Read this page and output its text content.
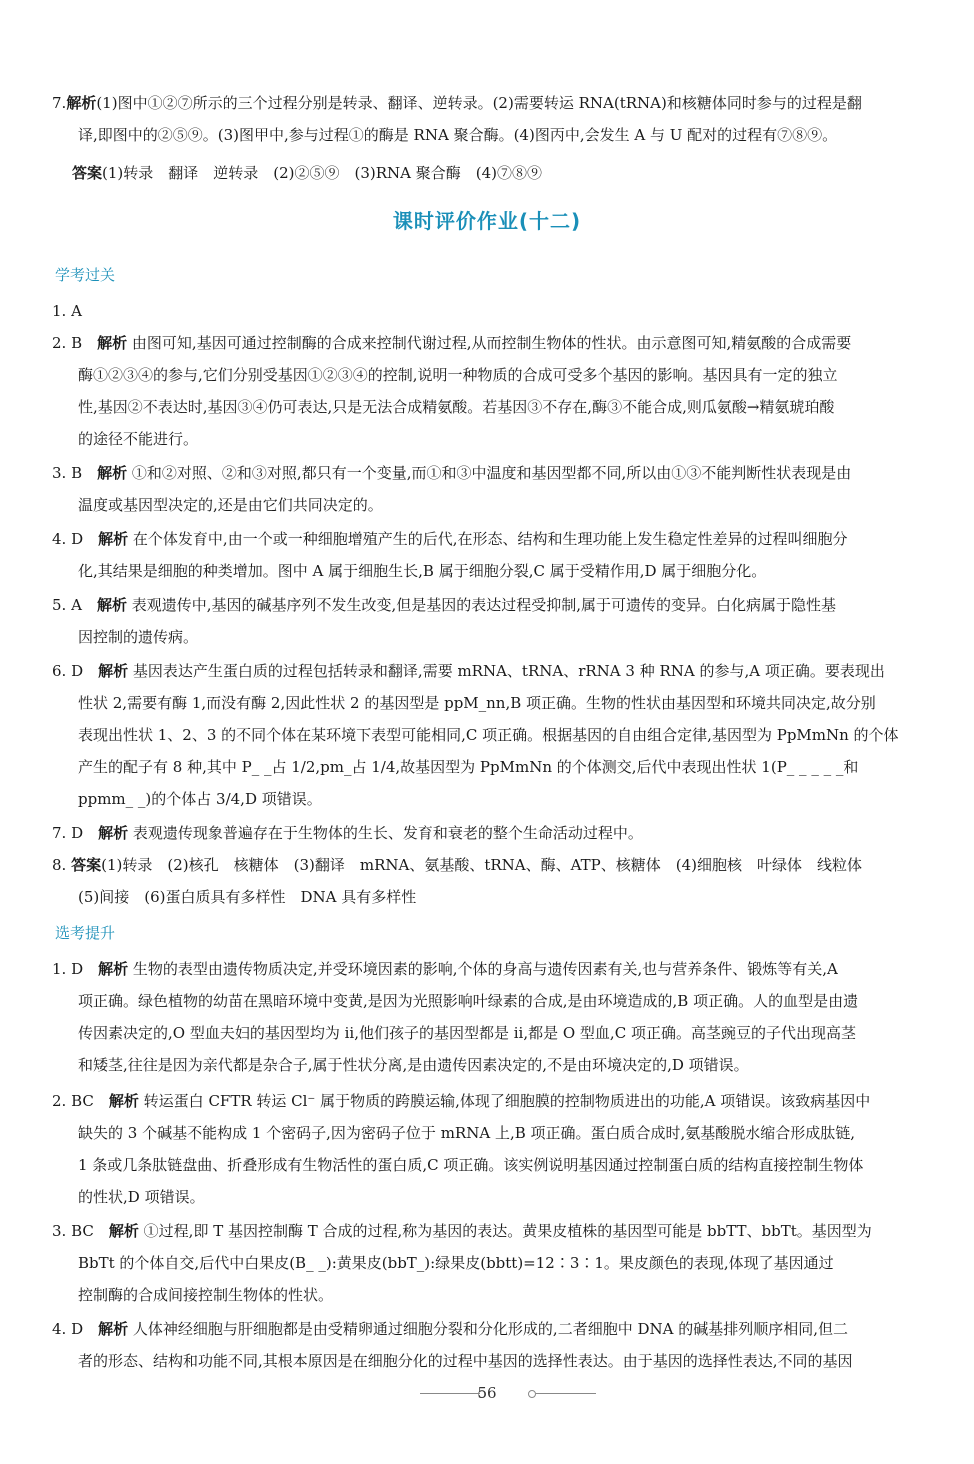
7.解析(1)图中①②⑦所示的三个过程分别是转录、翻译、逆转录。(2)需要转运 RNA(tRNA)和核糖体同时参与的过程是翻

译,即图中的②⑤⑨。(3)图甲中,参与过程①的酶是 RNA 聚合酶。(4)图丙中,会发生 A 与 U 配对的过程有⑦⑧⑨。

答案(1)转录　翻译　逆转录　(2)②⑤⑨　(3)RNA 聚合酶　(4)⑦⑧⑨

课时评价作业(十二)

学考过关

1. A

2. B　 解析 由图可知,基因可通过控制酶的合成来控制代谢过程,从而控制生物体的性状。由示意图可知,精氨酸的合成需要

酶①②③④的参与,它们分别受基因①②③④的控制,说明一种物质的合成可受多个基因的影响。基因具有一定的独立

性,基因②不表达时,基因③④仍可表达,只是无法合成精氨酸。若基因③不存在,酶③不能合成,则瓜氨酸→精氨琥珀酸

的途径不能进行。

3. B　 解析 ①和②对照、②和③对照,都只有一个变量,而①和③中温度和基因型都不同,所以由①③不能判断性状表现是由

温度或基因型决定的,还是由它们共同决定的。

4. D　 解析 在个体发育中,由一个或一种细胞增殖产生的后代,在形态、结构和生理功能上发生稳定性差异的过程叫细胞分

化,其结果是细胞的种类增加。图中 A 属于细胞生长,B 属于细胞分裂,C 属于受精作用,D 属于细胞分化。

5. A　 解析 表观遗传中,基因的碱基序列不发生改变,但是基因的表达过程受抑制,属于可遗传的变异。白化病属于隐性基

因控制的遗传病。

6. D　 解析 基因表达产生蛋白质的过程包括转录和翻译,需要 mRNA、tRNA、rRNA 3 种 RNA 的参与,A 项正确。要表现出

性状 2,需要有酶 1,而没有酶 2,因此性状 2 的基因型是 ppM_nn,B 项正确。生物的性状由基因型和环境共同决定,故分别

表现出性状 1、2、3 的不同个体在某环境下表型可能相同,C 项正确。根据基因的自由组合定律,基因型为 PpMmNn 的个体

产生的配子有 8 种,其中 P_ _占 1/2,pm_占 1/4,故基因型为 PpMmNn 的个体测交,后代中表现出性状 1(P_ _ _ _ _和

ppmm_ _)的个体占 3/4,D 项错误。

7. D　 解析 表观遗传现象普遍存在于生物体的生长、发育和衰老的整个生命活动过程中。

8. 答案(1)转录　(2)核孔　核糖体　(3)翻译　mRNA、氨基酸、tRNA、酶、ATP、核糖体　(4)细胞核　叶绿体　线粒体

(5)间接　(6)蛋白质具有多样性　DNA 具有多样性

选考提升

1. D　 解析 生物的表型由遗传物质决定,并受环境因素的影响,个体的身高与遗传因素有关,也与营养条件、锻炼等有关,A

项正确。绿色植物的幼苗在黑暗环境中变黄,是因为光照影响叶绿素的合成,是由环境造成的,B 项正确。人的血型是由遗

传因素决定的,O 型血夫妇的基因型均为 ii,他们孩子的基因型都是 ii,都是 O 型血,C 项正确。高茎豌豆的子代出现高茎

和矮茎,往往是因为亲代都是杂合子,属于性状分离,是由遗传因素决定的,不是由环境决定的,D 项错误。

2. BC　 解析 转运蛋白 CFTR 转运 Cl⁻ 属于物质的跨膜运输,体现了细胞膜的控制物质进出的功能,A 项错误。该致病基因中

缺失的 3 个碱基不能构成 1 个密码子,因为密码子位于 mRNA 上,B 项正确。蛋白质合成时,氨基酸脱水缩合形成肽链,

1 条或几条肽链盘曲、折叠形成有生物活性的蛋白质,C 项正确。该实例说明基因通过控制蛋白质的结构直接控制生物体

的性状,D 项错误。

3. BC　 解析 ①过程,即 T 基因控制酶 T 合成的过程,称为基因的表达。黄果皮植株的基因型可能是 bbTT、bbTt。基因型为

BbTt 的个体自交,后代中白果皮(B_ _):黄果皮(bbT_):绿果皮(bbtt)=12∶3∶1。果皮颜色的表现,体现了基因通过

控制酶的合成间接控制生物体的性状。

4. D　 解析 人体神经细胞与肝细胞都是由受精卵通过细胞分裂和分化形成的,二者细胞中 DNA 的碱基排列顺序相同,但二

者的形态、结构和功能不同,其根本原因是在细胞分化的过程中基因的选择性表达。由于基因的选择性表达,不同的基因

56
